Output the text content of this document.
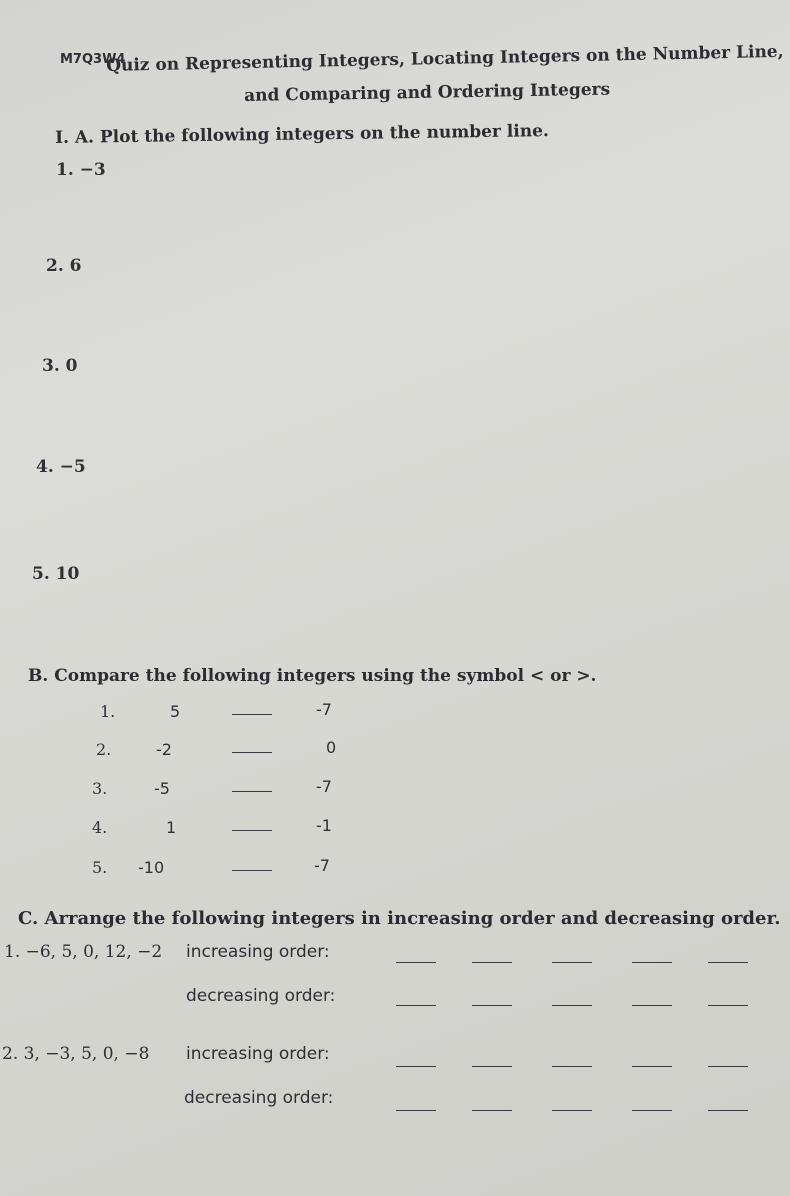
M7Q3W4
Quiz on Representing Integers, Locating Integers on the Number Line,
and Comparing and Ordering Integers
I. A. Plot the following integers on the number line.
1. −3
2. 6
3. 0
4. −5
5. 10
B. Compare the following integers using the symbol < or >.
1.	5	-7
2.	-2	0
3.	-5	-7
4.	1	-1
5. -10	-7
C. Arrange the following integers in increasing order and decreasing order.
1. −6, 5, 0, 12, −2 increasing order:
decreasing order:
2. 3, −3, 5, 0, −8 increasing order:
decreasing order:
